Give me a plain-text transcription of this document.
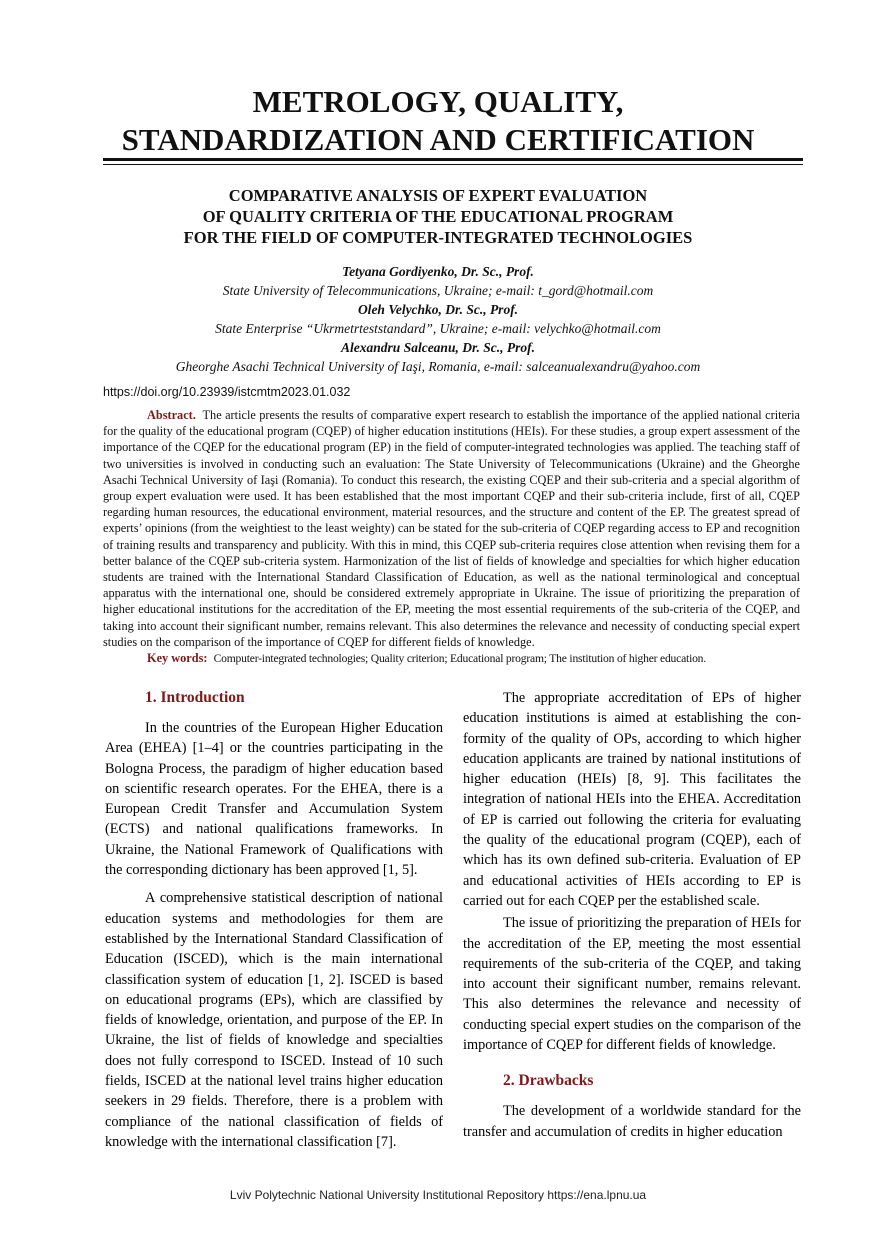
METROLOGY, QUALITY,
STANDARDIZATION AND CERTIFICATION
COMPARATIVE ANALYSIS OF EXPERT EVALUATION
OF QUALITY CRITERIA OF THE EDUCATIONAL PROGRAM
FOR THE FIELD OF COMPUTER-INTEGRATED TECHNOLOGIES
Tetyana Gordiyenko, Dr. Sc., Prof.
State University of Telecommunications, Ukraine; e-mail: t_gord@hotmail.com
Oleh Velychko, Dr. Sc., Prof.
State Enterprise “Ukrmetrteststandard”, Ukraine; e-mail: velychko@hotmail.com
Alexandru Salceanu, Dr. Sc., Prof.
Gheorghe Asachi Technical University of Iaşi, Romania, e-mail: salceanualexandru@yahoo.com
https://doi.org/10.23939/istcmtm2023.01.032

Abstract. The article presents the results of comparative expert research to establish the importance of the applied national criteria for the quality of the educational program (CQEP) of higher education institutions (HEIs). For these studies, a group expert assessment of the importance of the CQEP for the educational program (EP) in the field of computer-integrated technologies was applied. The teaching staff of two universities is involved in conducting such an evaluation: The State University of Telecommunications (Ukraine) and the Gheorghe Asachi Technical University of Iaşi (Romania). To conduct this research, the existing CQEP and their sub-criteria and a special algorithm of group expert evaluation were used. It has been established that the most important CQEP and their sub-criteria include, first of all, CQEP regarding human resources, the educational environment, material resources, and the structure and content of the EP. The greatest spread of experts’ opinions (from the weightiest to the least weighty) can be stated for the sub-criteria of CQEP regarding access to EP and recognition of training results and transparency and publicity. With this in mind, this CQEP sub-criteria requires close attention when revising them for a better balance of the CQEP sub-criteria system. Harmonization of the list of fields of knowledge and specialties for which higher education students are trained with the International Standard Classification of Education, as well as the national terminological and conceptual apparatus with the international one, should be considered extremely appropriate in Ukraine. The issue of prioritizing the preparation of higher educational institutions for the accreditation of the EP, meeting the most essential requirements of the sub-criteria of the CQEP, and taking into account their significant number, remains relevant. This also determines the relevance and necessity of conducting special expert studies on the comparison of the importance of CQEP for different fields of knowledge.

Key words: Computer-integrated technologies; Quality criterion; Educational program; The institution of higher education.

1. Introduction

In the countries of the European Higher Education Area (EHEA) [1–4] or the countries participating in the Bologna Process, the paradigm of higher education based on scientific research operates. For the EHEA, there is a European Credit Transfer and Accumulation System (ECTS) and national qualifications frameworks. In Ukraine, the National Framework of Qualifications with the corresponding dictionary has been approved [1, 5].

A comprehensive statistical description of national education systems and methodologies for them are established by the International Standard Classification of Education (ISCED), which is the main international classification system of education [1, 2]. ISCED is based on educational programs (EPs), which are classified by fields of knowledge, orientation, and purpose of the EP. In Ukraine, the list of fields of knowledge and specialties does not fully correspond to ISCED. Instead of 10 such fields, ISCED at the national level trains higher education seekers in 29 fields. Therefore, there is a problem with compliance of the national classification of fields of knowledge with the international classification [7].

The appropriate accreditation of EPs of higher education institutions is aimed at establishing the conformity of the quality of OPs, according to which higher education applicants are trained by national institutions of higher education (HEIs) [8, 9]. This facilitates the integration of national HEIs into the EHEA. Accreditation of EP is carried out following the criteria for evaluating the quality of the educational program (CQEP), each of which has its own defined sub-criteria. Evaluation of EP and educational activities of HEIs according to EP is carried out for each CQEP per the established scale.

The issue of prioritizing the preparation of HEIs for the accreditation of the EP, meeting the most essential requirements of the sub-criteria of the CQEP, and taking into account their significant number, remains relevant. This also determines the relevance and necessity of conducting special expert studies on the comparison of the importance of CQEP for different fields of knowledge.

2. Drawbacks

The development of a worldwide standard for the transfer and accumulation of credits in higher education

Lviv Polytechnic National University Institutional Repository https://ena.lpnu.ua
